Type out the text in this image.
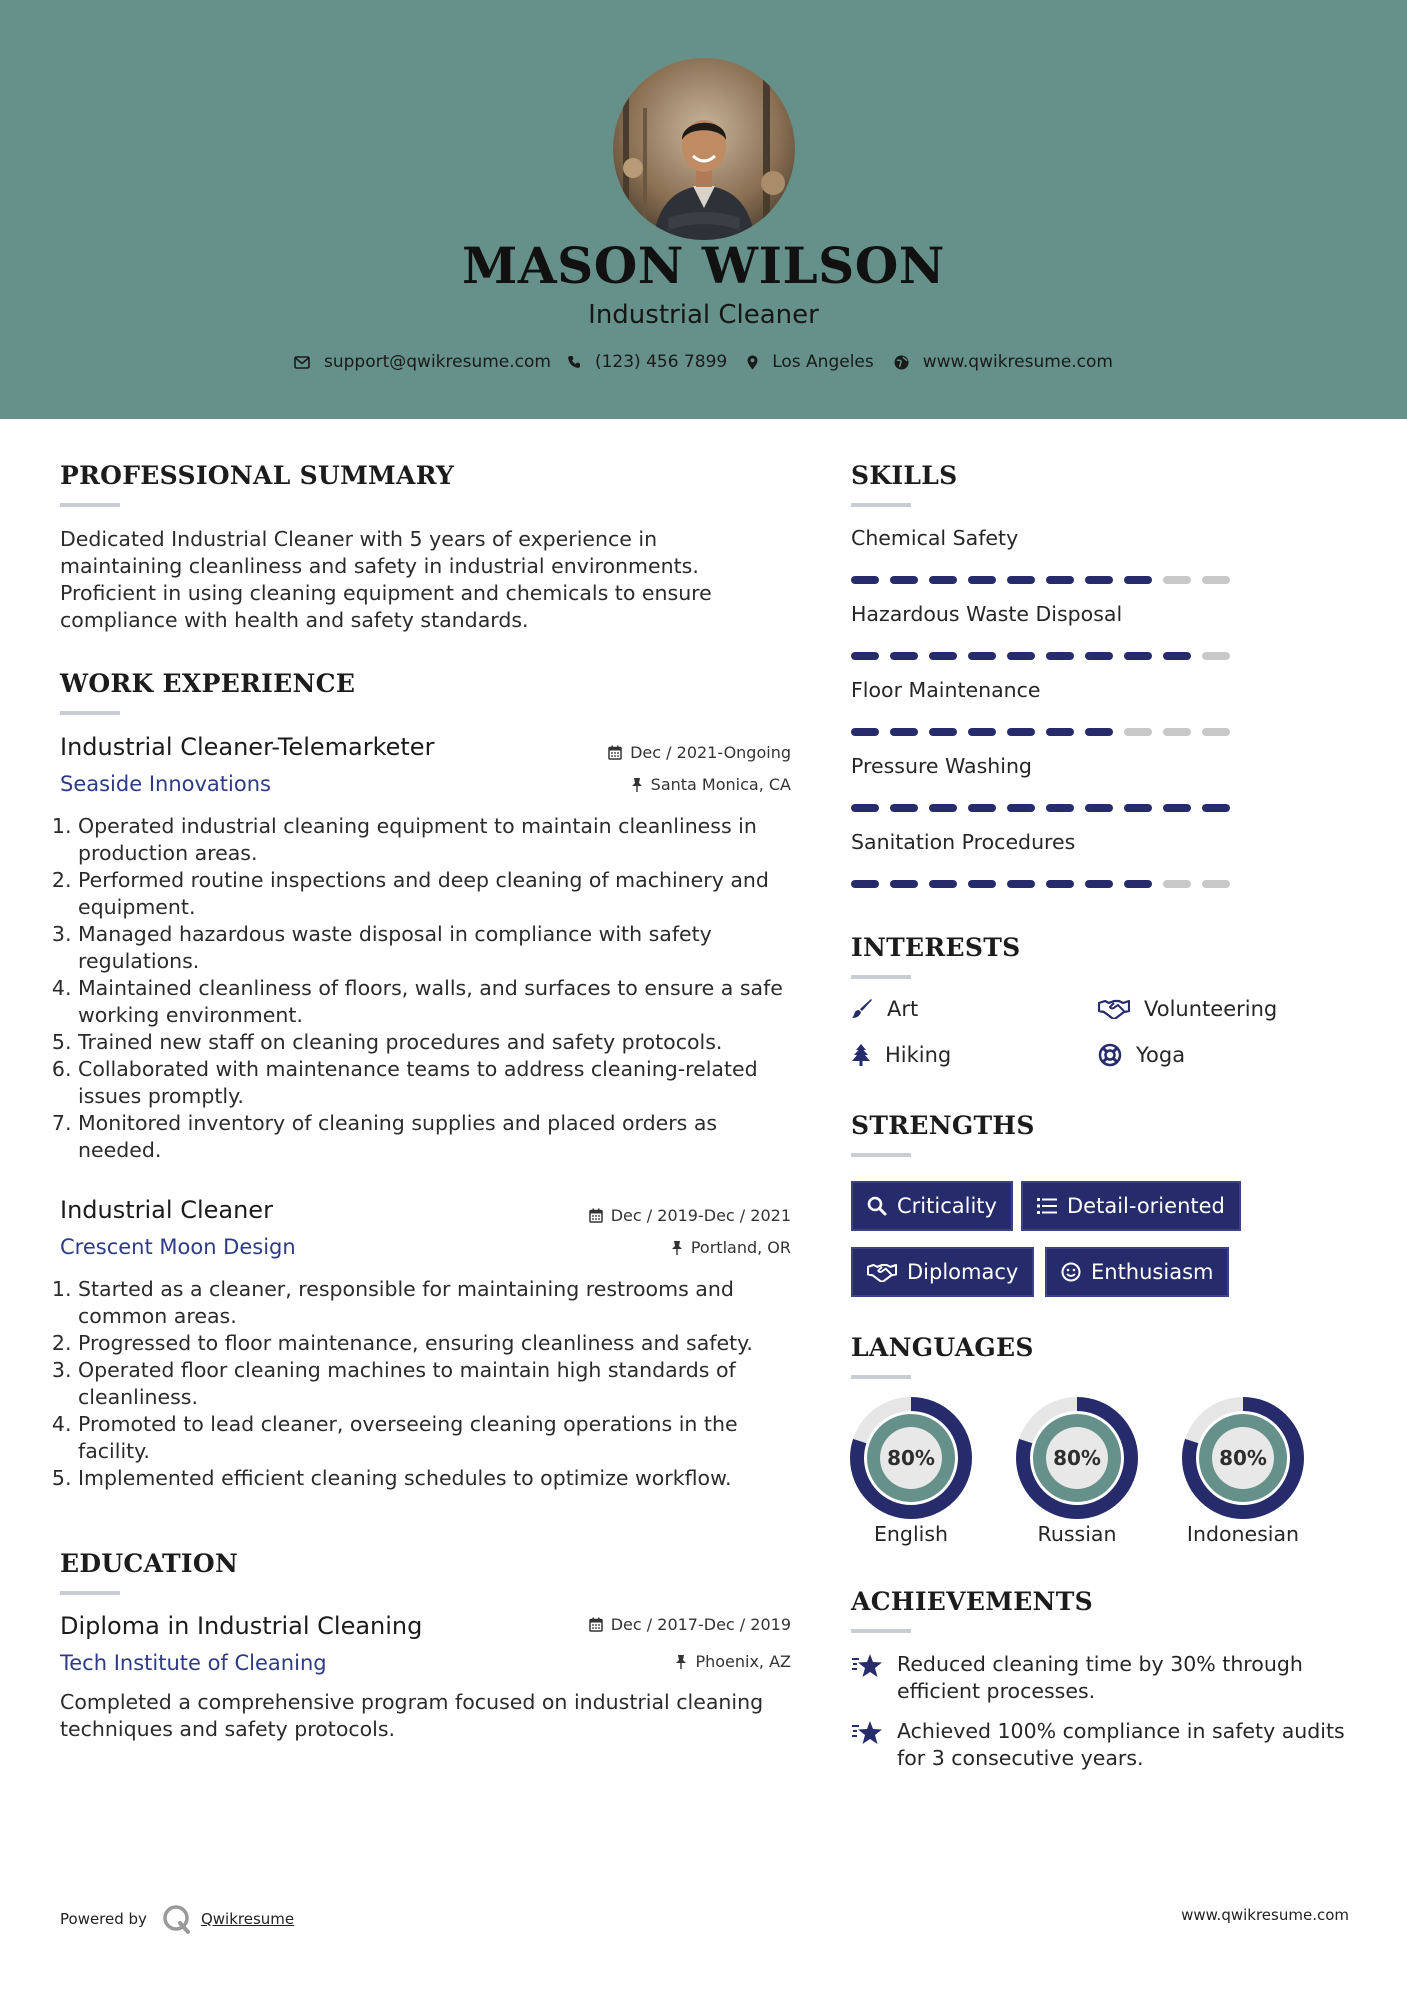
MASON WILSON
Industrial Cleaner
support@qwikresume.com	(123) 456 7899	Los Angeles	www.qwikresume.com
PROFESSIONAL SUMMARY
Dedicated Industrial Cleaner with 5 years of experience in
maintaining cleanliness and safety in industrial environments.
Proficient in using cleaning equipment and chemicals to ensure
compliance with health and safety standards.
WORK EXPERIENCE
Industrial Cleaner-Telemarketer
Seaside Innovations
Dec / 2021-Ongoing
Santa Monica, CA
1. Operated industrial cleaning equipment to maintain cleanliness in production areas.
2. Performed routine inspections and deep cleaning of machinery and equipment.
3. Managed hazardous waste disposal in compliance with safety regulations.
4. Maintained cleanliness of floors, walls, and surfaces to ensure a safe working environment.
5. Trained new staff on cleaning procedures and safety protocols.
6. Collaborated with maintenance teams to address cleaning-related issues promptly.
7. Monitored inventory of cleaning supplies and placed orders as needed.
Industrial Cleaner
Crescent Moon Design
Dec / 2019-Dec / 2021
Portland, OR
1. Started as a cleaner, responsible for maintaining restrooms and common areas.
2. Progressed to floor maintenance, ensuring cleanliness and safety.
3. Operated floor cleaning machines to maintain high standards of cleanliness.
4. Promoted to lead cleaner, overseeing cleaning operations in the facility.
5. Implemented efficient cleaning schedules to optimize workflow.
EDUCATION
Diploma in Industrial Cleaning
Tech Institute of Cleaning
Dec / 2017-Dec / 2019
Phoenix, AZ
Completed a comprehensive program focused on industrial cleaning
techniques and safety protocols.
SKILLS
Chemical Safety
Hazardous Waste Disposal
Floor Maintenance
Pressure Washing
Sanitation Procedures
INTERESTS
Art	Volunteering
Hiking	Yoga
STRENGTHS
Criticality	Detail-oriented
Diplomacy	Enthusiasm
LANGUAGES
80%
English
80%
Russian
80%
Indonesian
ACHIEVEMENTS
Reduced cleaning time by 30% through
efficient processes.
Achieved 100% compliance in safety audits
for 3 consecutive years.
Powered by	Qwikresume	www.qwikresume.com
